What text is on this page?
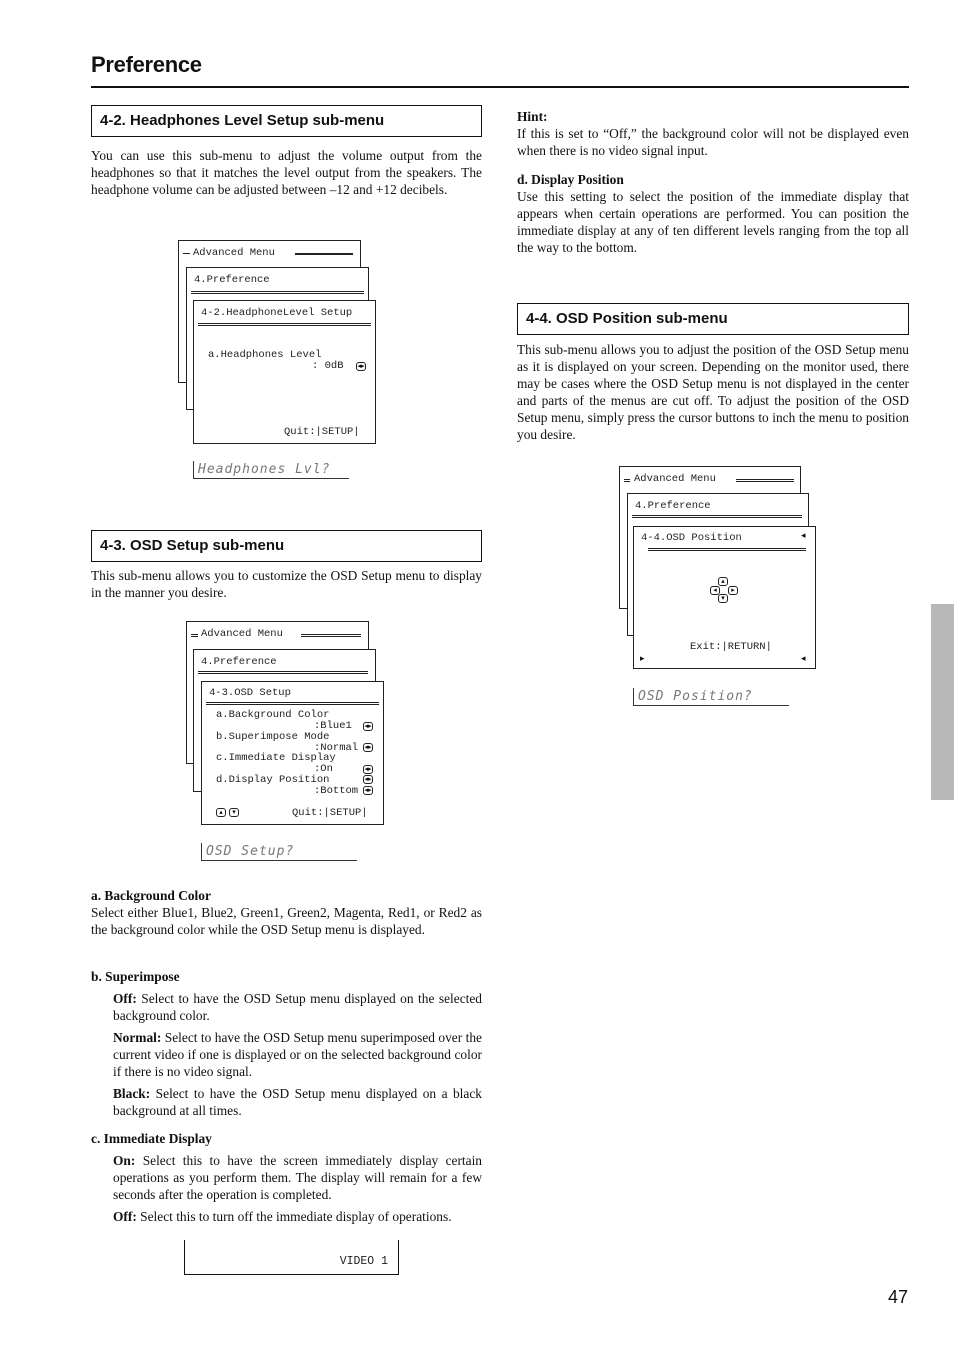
Preference
4-2. Headphones Level Setup sub-menu
You can use this sub-menu to adjust the volume output from the headphones so that it matches the level output from the speakers. The headphone volume can be adjusted between –12 and +12 decibels.
Advanced Menu
4.Preference
4-2.HeadphoneLevel Setup
a.Headphones Level
: 0dB ◂▸
Quit:|SETUP|
Headphones Lvl?
4-3. OSD Setup sub-menu
This sub-menu allows you to customize the OSD Setup menu to display in the manner you desire.
Advanced Menu
4.Preference
4-3.OSD Setup
a.Background Color
:Blue1 ◂▸
b.Superimpose Mode
:Normal ◂▸
c.Immediate Display
:On	◂▸
d.Display Position	◂▸
:Bottom ◂▸
▴	▾	Quit:|SETUP|
OSD Setup?
a. Background Color
Select either Blue1, Blue2, Green1, Green2, Magenta, Red1, or Red2 as the background color while the OSD Setup menu is displayed.
b. Superimpose
Off: Select to have the OSD Setup menu displayed on the selected background color.
Normal: Select to have the OSD Setup menu superimposed over the current video if one is displayed or on the selected background color if there is no video signal.
Black: Select to have the OSD Setup menu displayed on a black background at all times.
c. Immediate Display
On: Select this to have the screen immediately display certain operations as you perform them. The display will remain for a few seconds after the operation is completed.
Off: Select this to turn off the immediate display of operations.
VIDEO 1
Hint:
If this is set to “Off,” the background color will not be displayed even when there is no video signal input.
d. Display Position
Use this setting to select the position of the immediate display that appears when certain operations are performed. You can position the immediate display at any of ten different levels ranging from the top all the way to the bottom.
4-4. OSD Position sub-menu
This sub-menu allows you to adjust the position of the OSD Setup menu as it is displayed on your screen. Depending on the monitor used, there may be cases where the OSD Setup menu is not displayed in the center and parts of the menus are cut off. To adjust the position of the OSD Setup menu, simply press the cursor buttons to inch the menu to position you desire.
Advanced Menu
4.Preference
4-4.OSD Position	◂
▴
◂	▸
▾
Exit:|RETURN|
▸	◂
OSD Position?
47
